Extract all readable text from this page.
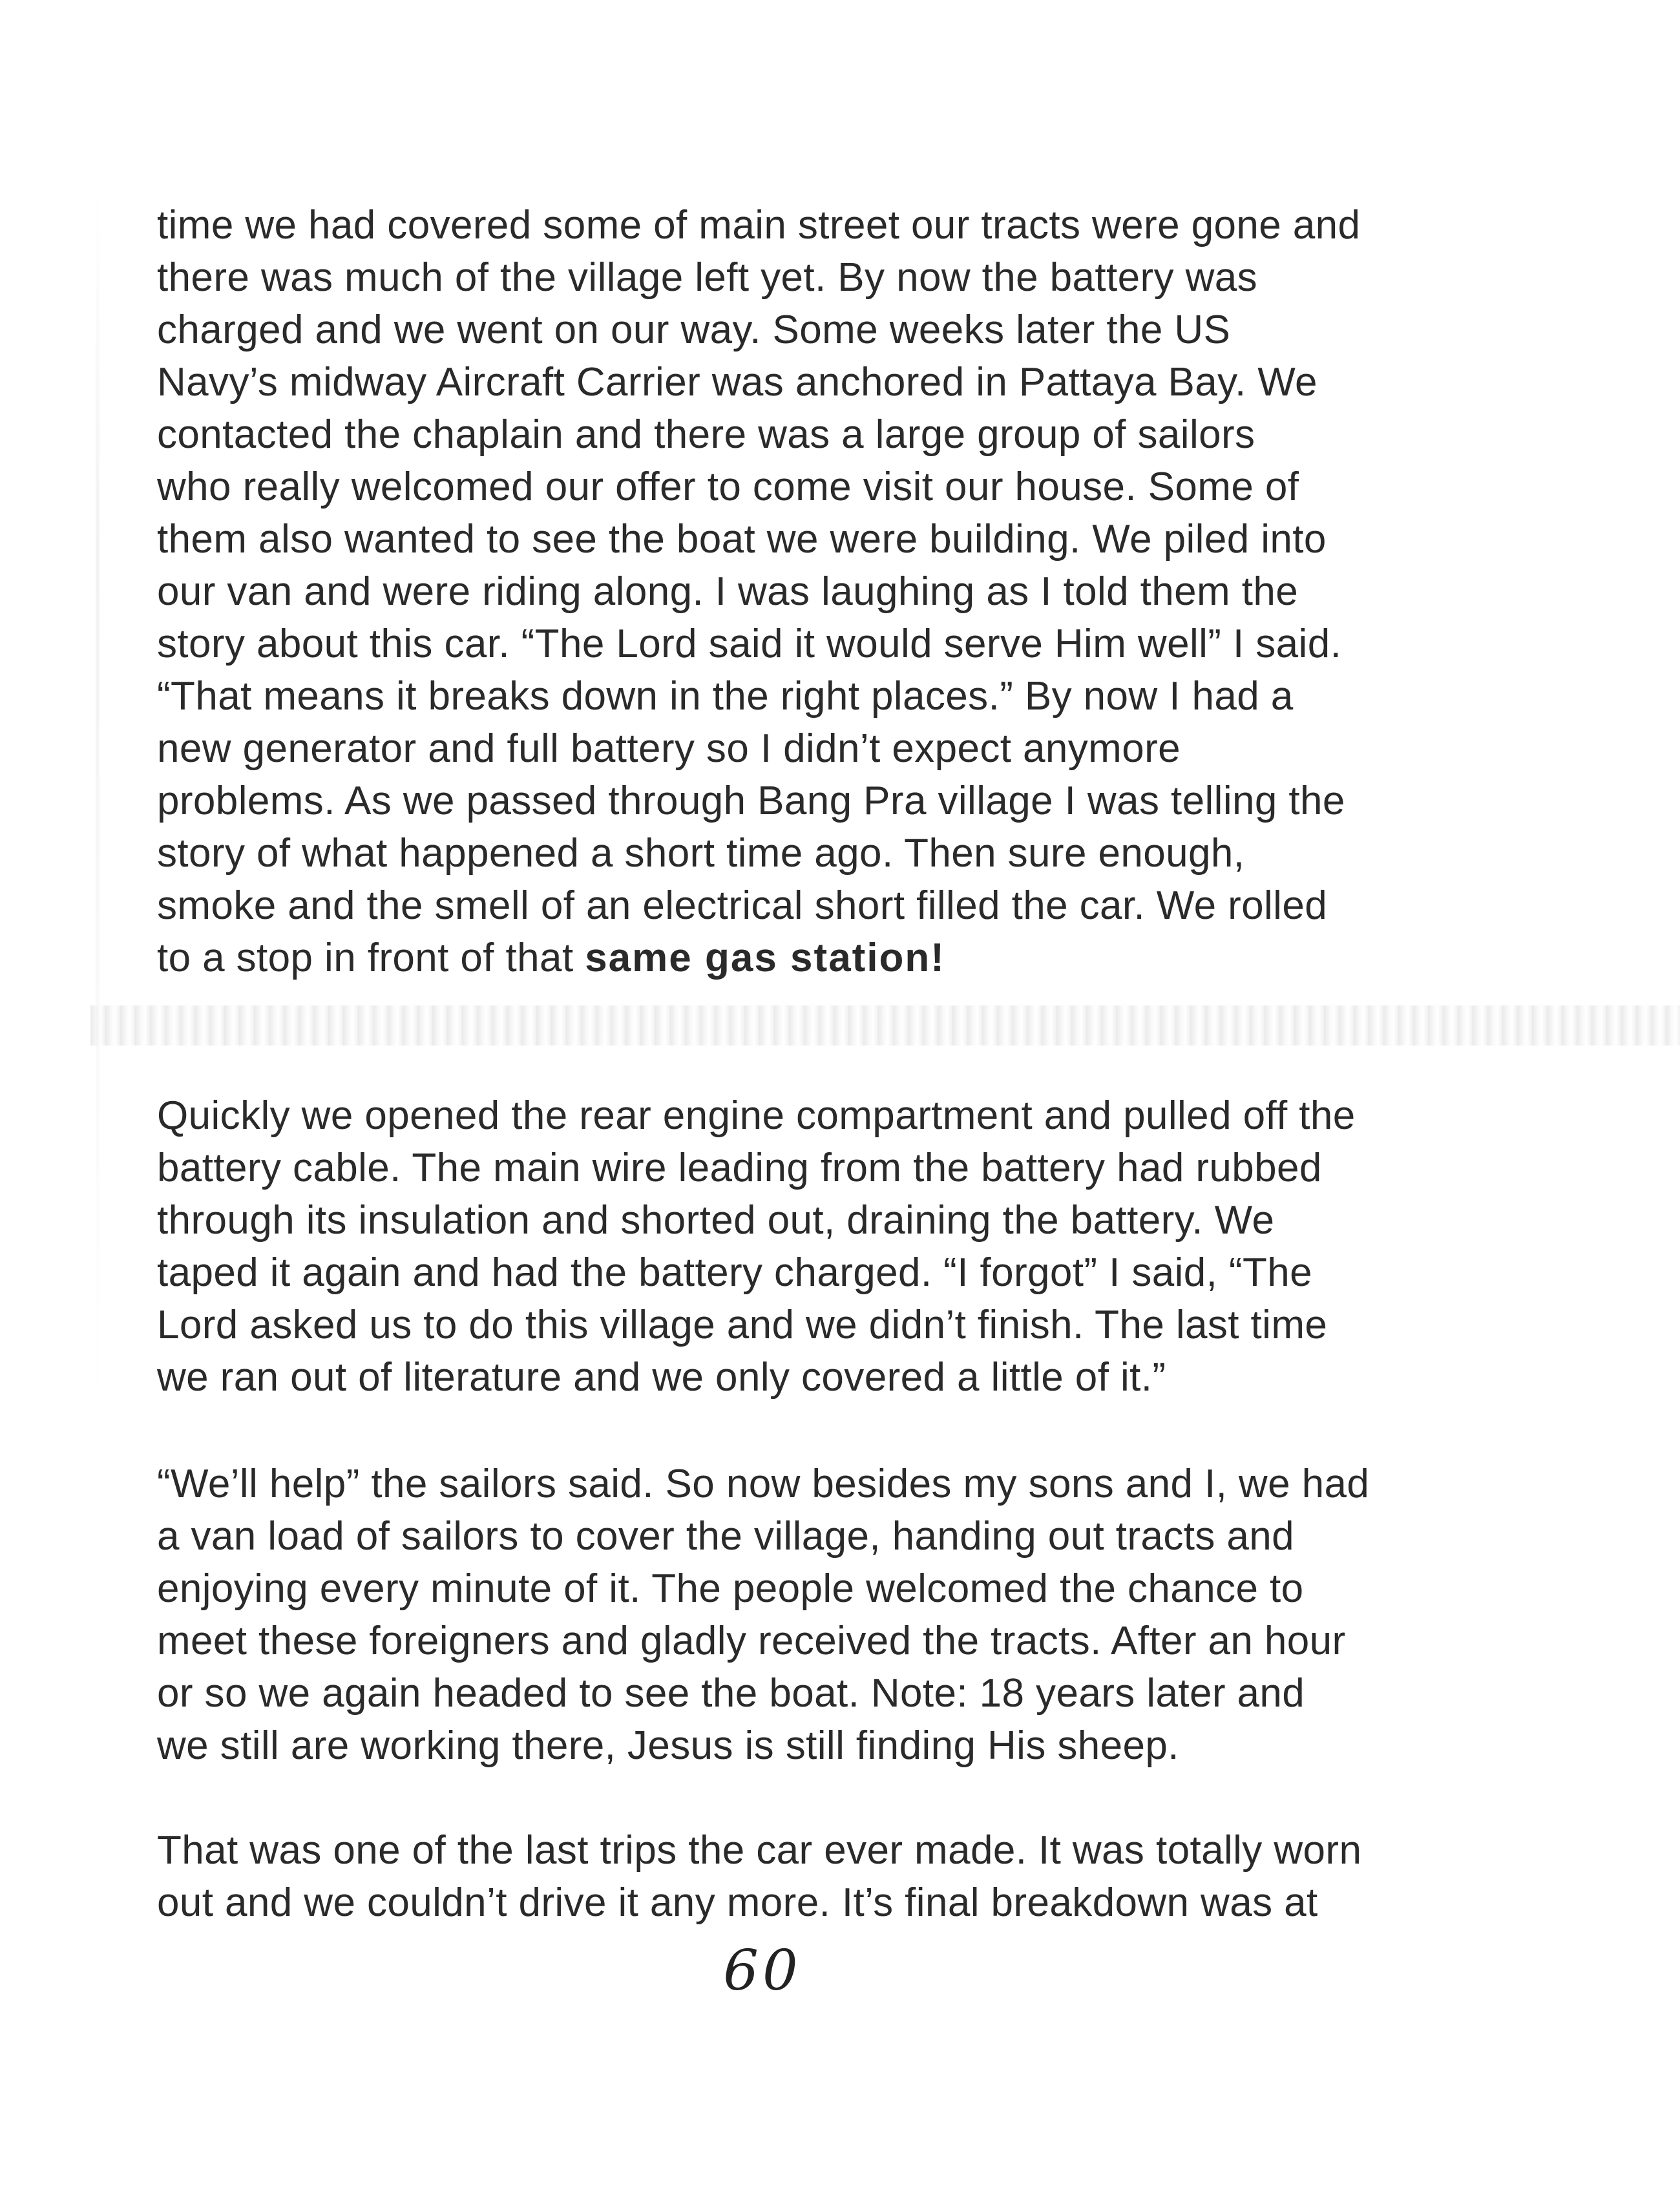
time we had covered some of main street our tracts were gone and
there was much of the village left yet. By now the battery was
charged and we went on our way. Some weeks later the US
Navy’s midway Aircraft Carrier was anchored in Pattaya Bay. We
contacted the chaplain and there was a large group of sailors
who really welcomed our offer to come visit our house. Some of
them also wanted to see the boat we were building. We piled into
our van and were riding along. I was laughing as I told them the
story about this car. “The Lord said it would serve Him well” I said.
“That means it breaks down in the right places.” By now I had a
new generator and full battery so I didn’t expect anymore
problems. As we passed through Bang Pra village I was telling the
story of what happened a short time ago. Then sure enough,
smoke and the smell of an electrical short filled the car. We rolled
to a stop in front of that same gas station!

Quickly we opened the rear engine compartment and pulled off the
battery cable. The main wire leading from the battery had rubbed
through its insulation and shorted out, draining the battery. We
taped it again and had the battery charged. “I forgot” I said, “The
Lord asked us to do this village and we didn’t finish. The last time
we ran out of literature and we only covered a little of it.”

“We’ll help” the sailors said. So now besides my sons and I, we had
a van load of sailors to cover the village, handing out tracts and
enjoying every minute of it. The people welcomed the chance to
meet these foreigners and gladly received the tracts. After an hour
or so we again headed to see the boat. Note: 18 years later and
we still are working there, Jesus is still finding His sheep.

That was one of the last trips the car ever made. It was totally worn
out and we couldn’t drive it any more. It’s final breakdown was at

60
